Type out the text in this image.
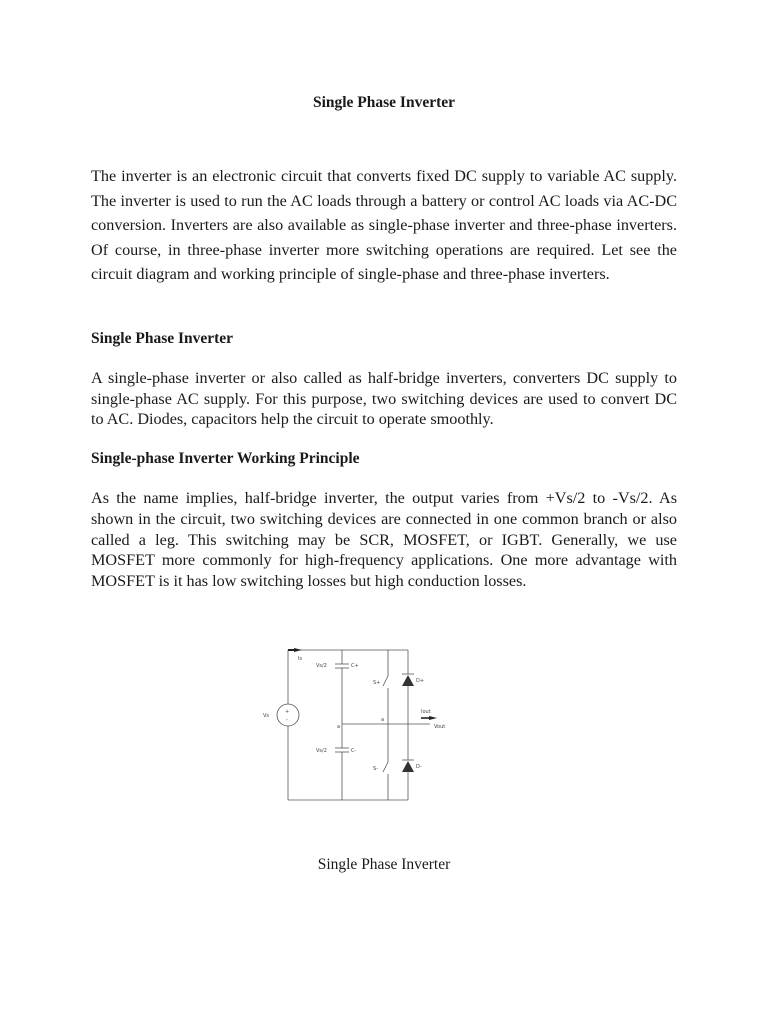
Single Phase Inverter

The inverter is an electronic circuit that converts fixed DC supply to variable AC supply. The inverter is used to run the AC loads through a battery or control AC loads via AC-DC conversion. Inverters are also available as single-phase inverter and three-phase inverters. Of course, in three-phase inverter more switching operations are required. Let see the circuit diagram and working principle of single-phase and three-phase inverters.

Single Phase Inverter

A single-phase inverter or also called as half-bridge inverters, converters DC supply to single-phase AC supply. For this purpose, two switching devices are used to convert DC to AC. Diodes, capacitors help the circuit to operate smoothly.

Single-phase Inverter Working Principle

As the name implies, half-bridge inverter, the output varies from +Vs/2 to -Vs/2. As shown in the circuit, two switching devices are connected in one common branch or also called a leg. This switching may be SCR, MOSFET, or IGBT. Generally, we use MOSFET more commonly for high-frequency applications. One more advantage with MOSFET is it has low switching losses but high conduction losses.

Is
Vs
+
-
Vs/2	C+
Vs/2	C-
S+
S-
D+
D-
a
a
Iout
Vout

Single Phase Inverter
